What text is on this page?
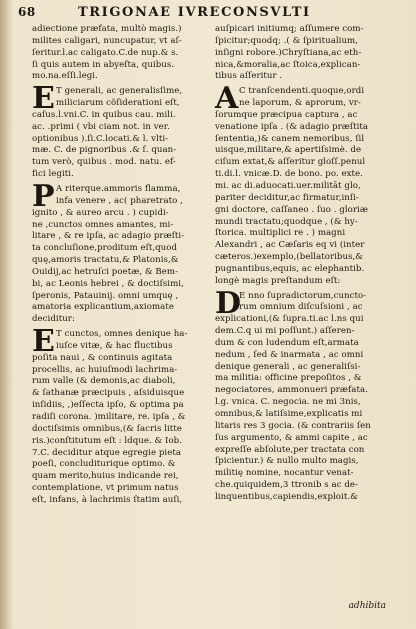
68	TRIGONAE IVRECONSVLTI
adiectione præfata, multò magis.)
milites caligari, nuncupatur, vt aſ-
ſeritur.l.ac caligato.C.de nup.& s.
ſi quis autem in abyeſta, quibus.
mo.na.eſſi.legi.
E T generali, ac generalisſime,
miliciarum cõſiderationi eſt,
caſus.l.vni.C. in quibus cau. mili.
ac. .primi ( vbi ciam not. in ver.
optionibus ).ſi.C.locati.& l. vlti-
mæ. C. de pignoribus .& ſ. quan-
tum verò, quibus . mod. natu. ef-
fici legiti.
P A riterque.ammoris flamma,
infa venere , ac( pharetrato ,
ignito , & aureo arcu . ) cupidi-
ne ,cunctos omnes amantes, mi-
litare , & re ipſa, ac adagio præſti-
ta concluſione,proditum eſt,quod
quę,amoris tractatu,& Platonis,&
Ouidij,ac hetruſci poetæ, & Bem-
bi, ac Leonis hebrei , & doctiſsimi,
ſperonis, Patauinij. omni umquę ,
amatoria explicantium,axiomate
deciditur:
E T cunctos, omnes denique ha-
iuſce vitæ, & hac fluctibus
poſita naui , & continuis agitata
procellis, ac huiuſmodi lachrima-
rum valle (& demonis,ac diaboli,
& ſathanæ præcipuis , aſsiduisque
inſidiis, ,)eſſecta ipſo, & optima pa
radiſi corona. )militare, re. ipſa , &
doctiſsimis omnibus,(& ſacris litte
ris.)conſtitutum eſt : ldque. & Iob.
7.C. deciditur atque egregie pieta
poeſi, concluditurique optimo. &
quam merito,huius indicande rei,
contemplatione, vt primum natus
eſt, infans, à lachrimis ſtatim auſi,
auſpicari initiumq; aſſumere com-
ſpicitur;quodq; .( & ſpiritualium,
inſigni robore.)Chryſtiana,ac eth-
nica,&moralia,ac ſtoica,explican-
tibus aſſeritur .
A C tranſcendenti.quoque,ordi
ne laporum, & aprorum, vr-
ſorumque præcipua captura , ac
venatione ipſa . (& adagio præſtita
ſententia,)& canem nemoribus, ſil
uisque,militare,& apertiſsimè. de
ciſum extat,& aſſeritur gloſſ.penul
ti.di.l. vnicæ.D. de bono. po. exte.
mi. ac di.aduocati.uer.militāt glo,
pariter deciditur,ac firmatur,inſi-
gni doctore, caſſaneo . ſuo . gloriæ
mundi tractatu;quodque , (& hy-
ſtorica. multiplici re . ) magni
Alexandri , ac Cæſaris eq vi (inter
cæteros.)exemplo,(bellatoribus,&
pugnantibus,equis, ac elephantib.
longè magis preſtandum eſt:
D
E nno ſupradictorum,cuncto-
rum omnium diſcuſsioni , ac
explicationi,(& ſupra.ti.ac l.ns qui
dem.C.q ui mi poſſunt.) aſſeren-
dum & con ludendum eſt,armata
nedum , ſed & inarmata , ac omni
denique generali , ac generaliſsi-
ma militia: officine prepoſitos , &
negociatores, ammonueri præfata.
l.g. vnica. C. negocia. ne mi 3nis,
omnibus,& latiſsime,explicatis mi
litaris res 3 gocia. (& contrariis ſen
ſus argumento, & ammi capite , ac
expreſſe abſolute,per tractata con
ſpicientur.) & nullo multo magis,
militię nomine, nocantur venat-
che.quiquidem,3 ttronib s ac de-
linquentibus,capiendis,exploit.&
adhibita
